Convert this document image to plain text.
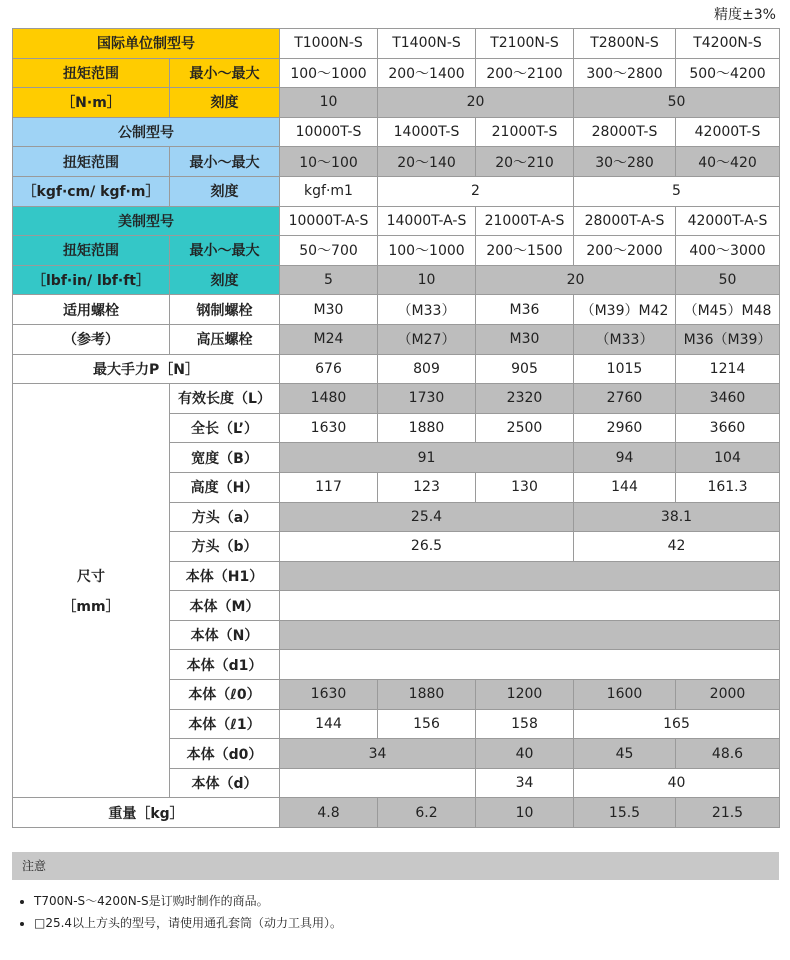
精度±3%
国际单位制型号		T1000N-S	T1400N-S	T2100N-S	T2800N-S	T4200N-S
扭矩范围	最小～最大	100～1000	200～1400	200～2100	300～2800	500～4200
［N·m］	刻度	10	20		50	
公制型号		10000T-S	14000T-S	21000T-S	28000T-S	42000T-S
扭矩范围	最小～最大	10～100	20～140	20～210	30～280	40～420
［kgf·cm/ kgf·m］	刻度	kgf·m1	2		5	
美制型号		10000T-A-S	14000T-A-S	21000T-A-S	28000T-A-S	42000T-A-S
扭矩范围	最小～最大	50～700	100～1000	200～1500	200～2000	400～3000
［lbf·in/ lbf·ft］	刻度	5	10	20		50
适用螺栓	钢制螺栓	M30	（M33）	M36	（M39）M42	（M45）M48
（参考）	高压螺栓	M24	（M27）	M30	（M33）	M36（M39）
最大手力P［N］		676	809	905	1015	1214

尺寸
［mm］	有效长度（L）	1480	1730	2320	2760	3460
	全长（L’）	1630	1880	2500	2960	3660
	宽度（B）	91			94	104
	高度（H）	117	123	130	144	161.3
	方头（a）	25.4			38.1	
	方头（b）	26.5			42	
	本体（H1）					
	本体（M）					
	本体（N）					
	本体（d1）					
	本体（ℓ0）	1630	1880	1200	1600	2000
	本体（ℓ1）	144	156	158	165	
	本体（d0）	34		40	45	48.6
	本体（d）			34	40	
重量［kg］		4.8	6.2	10	15.5	21.5
注意
• T700N-S～4200N-S是订购时制作的商品。
• □25.4以上方头的型号，请使用通孔套筒（动力工具用）。
